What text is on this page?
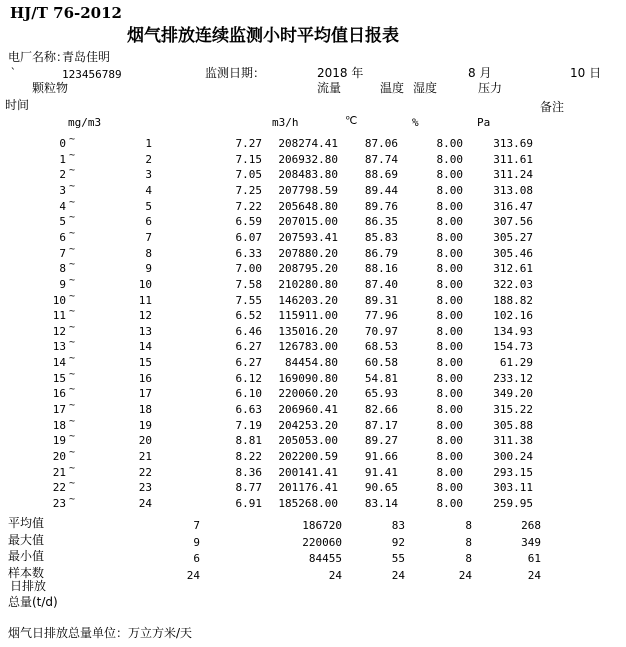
HJ/T 76-2012
烟气排放连续监测小时平均值日报表
电厂名称：
青岛佳明
`	123456789	监测日期：	2018 年	8 月	10 日
颗粒物	流量	温度 湿度	压力
时间	备注
mg/m3	m3/h	℃	%	Pa
0	1	7.27	208274.41	87.06	8.00	313.69
~
1	2	7.15	206932.80	87.74	8.00	311.61
~
2	3	7.05	208483.80	88.69	8.00	311.24
~
3	4	7.25	207798.59	89.44	8.00	313.08
~
4	5	7.22	205648.80	89.76	8.00	316.47
~
5	6	6.59	207015.00	86.35	8.00	307.56
~
6	7	6.07	207593.41	85.83	8.00	305.27
~
7	8	6.33	207880.20	86.79	8.00	305.46
~
8	9	7.00	208795.20	88.16	8.00	312.61
~
9	10	7.58	210280.80	87.40	8.00	322.03
~
10	11	7.55	146203.20	89.31	8.00	188.82
~
11	12	6.52	115911.00	77.96	8.00	102.16
~
12	13	6.46	135016.20	70.97	8.00	134.93
~
13	14	6.27	126783.00	68.53	8.00	154.73
~
14	15	6.27	84454.80	60.58	8.00	61.29
~
15	16	6.12	169090.80	54.81	8.00	233.12
~
16	17	6.10	220060.20	65.93	8.00	349.20
~
17	18	6.63	206960.41	82.66	8.00	315.22
~
18	19	7.19	204253.20	87.17	8.00	305.88
~
19	20	8.81	205053.00	89.27	8.00	311.38
~
20	21	8.22	202200.59	91.66	8.00	300.24
~
21	22	8.36	200141.41	91.41	8.00	293.15
~
22	23	8.77	201176.41	90.65	8.00	303.11
~
23	24	6.91	185268.00	83.14	8.00	259.95
~
平均值	7	186720	83	8	268
最大值	9	220060	92	8	349
最小值	6	84455	55	8	61
样本数	24	24	24	24	24
日排放
总量(t/d)
烟气日排放总量单位：万立方米/天
